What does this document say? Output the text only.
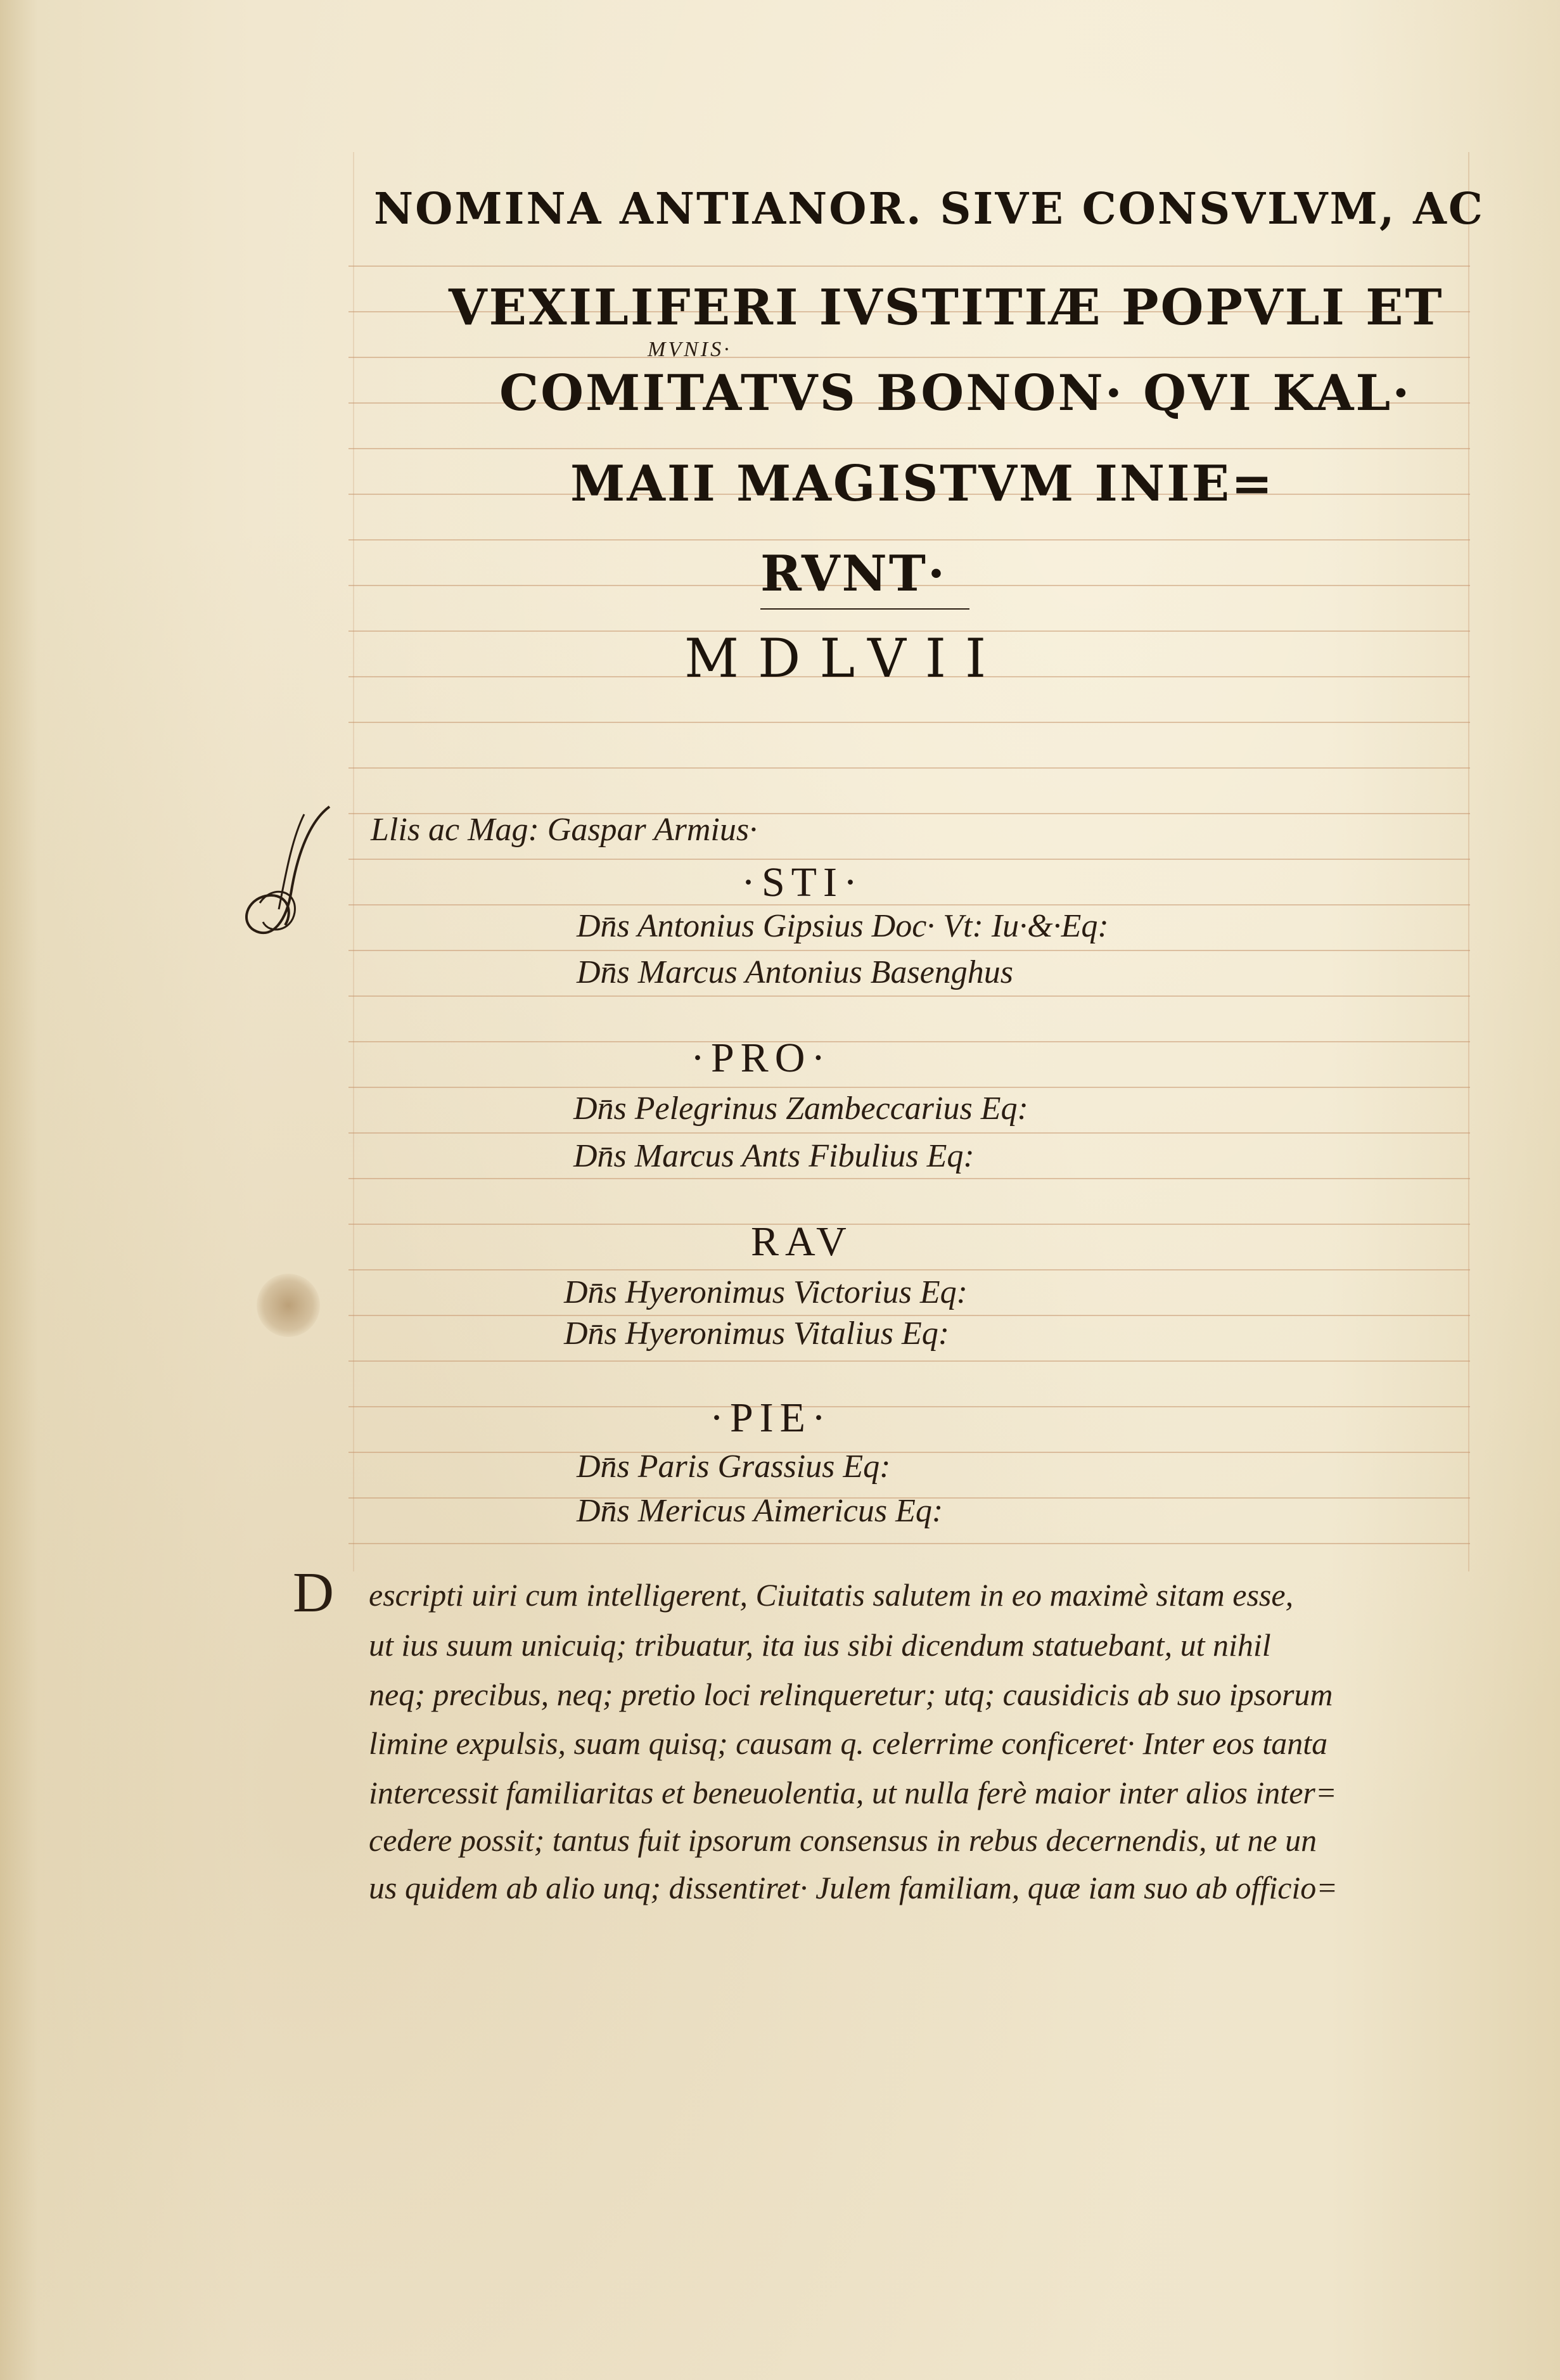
NOMINA ANTIANOR. SIVE CONSVLVM, AC
VEXILIFERI IVSTITIÆ POPVLI ET
MVNIS·
COMITATVS BONON· QVI KAL·
MAII MAGISTVM INIE=
RVNT·
MDLVII
Llis ac Mag: Gaspar Armius·
·STI·
Dn̄s Antonius Gipsius Doc· Vt: Iu·&·Eq:
Dn̄s Marcus Antonius Basenghus
·PRO·
Dn̄s Pelegrinus Zambeccarius Eq:
Dn̄s Marcus Ants Fibulius Eq:
RAV
Dn̄s Hyeronimus Victorius Eq:
Dn̄s Hyeronimus Vitalius Eq:
·PIE·
Dn̄s Paris Grassius Eq:
Dn̄s Mericus Aimericus Eq:
D escripti uiri cum intelligerent, Ciuitatis salutem in eo maximè sitam esse,
ut ius suum unicuiq; tribuatur, ita ius sibi dicendum statuebant, ut nihil
neq; precibus, neq; pretio loci relinqueretur; utq; causidicis ab suo ipsorum
limine expulsis, suam quisq; causam q. celerrime conficeret· Inter eos tanta
intercessit familiaritas et beneuolentia, ut nulla ferè maior inter alios inter=
cedere possit; tantus fuit ipsorum consensus in rebus decernendis, ut ne un
us quidem ab alio unq; dissentiret· Julem familiam, quæ iam suo ab officio=
